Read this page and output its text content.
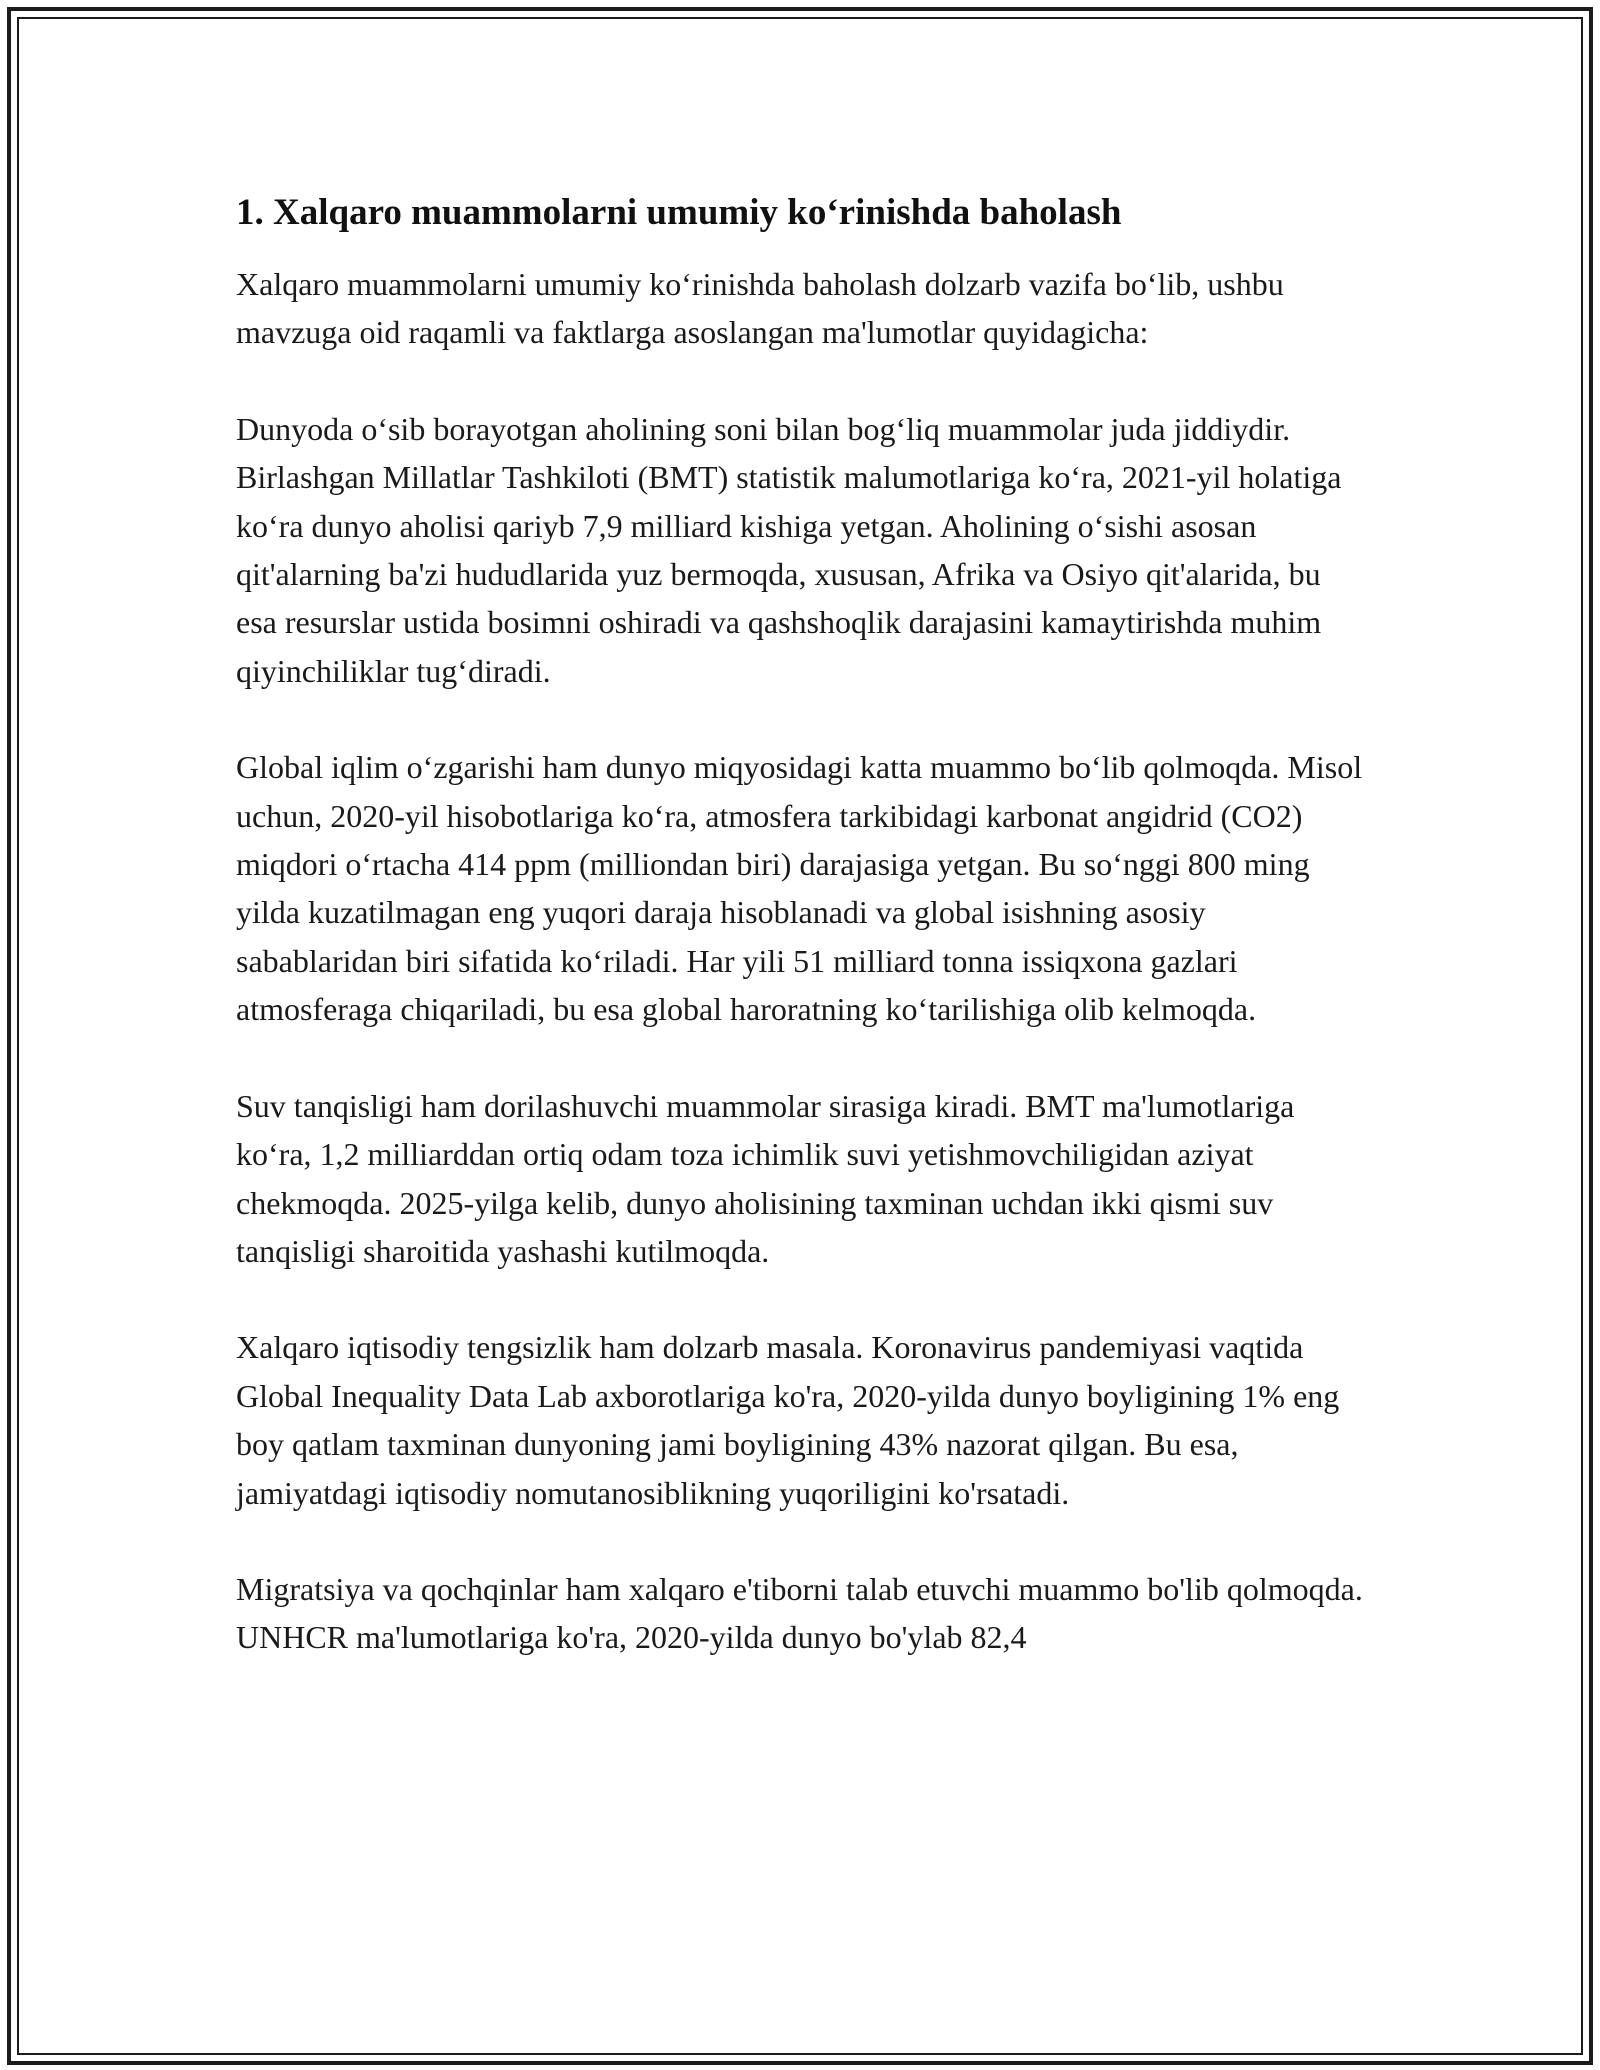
1. Xalqaro muammolarni umumiy ko‘rinishda baholash

Xalqaro muammolarni umumiy ko‘rinishda baholash dolzarb vazifa bo‘lib, ushbu mavzuga oid raqamli va faktlarga asoslangan ma'lumotlar quyidagicha:

Dunyoda o‘sib borayotgan aholining soni bilan bog‘liq muammolar juda jiddiydir. Birlashgan Millatlar Tashkiloti (BMT) statistik malumotlariga ko‘ra, 2021-yil holatiga ko‘ra dunyo aholisi qariyb 7,9 milliard kishiga yetgan. Aholining o‘sishi asosan qit'alarning ba'zi hududlarida yuz bermoqda, xususan, Afrika va Osiyo qit'alarida, bu esa resurslar ustida bosimni oshiradi va qashshoqlik darajasini kamaytirishda muhim qiyinchiliklar tug‘diradi.

Global iqlim o‘zgarishi ham dunyo miqyosidagi katta muammo bo‘lib qolmoqda. Misol uchun, 2020-yil hisobotlariga ko‘ra, atmosfera tarkibidagi karbonat angidrid (CO2) miqdori o‘rtacha 414 ppm (milliondan biri) darajasiga yetgan. Bu so‘nggi 800 ming yilda kuzatilmagan eng yuqori daraja hisoblanadi va global isishning asosiy sabablaridan biri sifatida ko‘riladi. Har yili 51 milliard tonna issiqxona gazlari atmosferaga chiqariladi, bu esa global haroratning ko‘tarilishiga olib kelmoqda.

Suv tanqisligi ham dorilashuvchi muammolar sirasiga kiradi. BMT ma'lumotlariga ko‘ra, 1,2 milliarddan ortiq odam toza ichimlik suvi yetishmovchiligidan aziyat chekmoqda. 2025-yilga kelib, dunyo aholisining taxminan uchdan ikki qismi suv tanqisligi sharoitida yashashi kutilmoqda.

Xalqaro iqtisodiy tengsizlik ham dolzarb masala. Koronavirus pandemiyasi vaqtida Global Inequality Data Lab axborotlariga ko'ra, 2020-yilda dunyo boyligining 1% eng boy qatlam taxminan dunyoning jami boyligining 43% nazorat qilgan. Bu esa, jamiyatdagi iqtisodiy nomutanosiblikning yuqoriligini ko'rsatadi.

Migratsiya va qochqinlar ham xalqaro e'tiborni talab etuvchi muammo bo'lib qolmoqda. UNHCR ma'lumotlariga ko'ra, 2020-yilda dunyo bo'ylab 82,4
